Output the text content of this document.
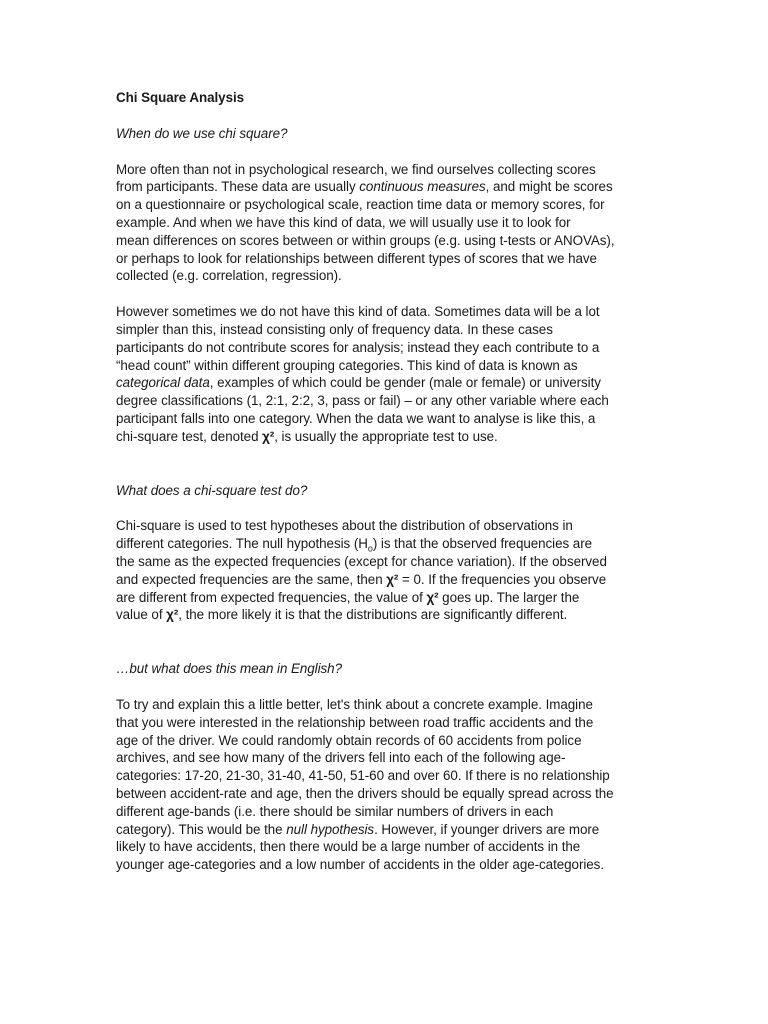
Chi Square Analysis
When do we use chi square?
More often than not in psychological research, we find ourselves collecting scores
from participants. These data are usually continuous measures, and might be scores
on a questionnaire or psychological scale, reaction time data or memory scores, for
example. And when we have this kind of data, we will usually use it to look for
mean differences on scores between or within groups (e.g. using t-tests or ANOVAs),
or perhaps to look for relationships between different types of scores that we have
collected (e.g. correlation, regression).
However sometimes we do not have this kind of data. Sometimes data will be a lot
simpler than this, instead consisting only of frequency data. In these cases
participants do not contribute scores for analysis; instead they each contribute to a
“head count” within different grouping categories. This kind of data is known as
categorical data, examples of which could be gender (male or female) or university
degree classifications (1, 2:1, 2:2, 3, pass or fail) – or any other variable where each
participant falls into one category. When the data we want to analyse is like this, a
chi-square test, denoted χ², is usually the appropriate test to use.
What does a chi-square test do?
Chi-square is used to test hypotheses about the distribution of observations in
different categories. The null hypothesis $(H_o)$ is that the observed frequencies are
the same as the expected frequencies (except for chance variation). If the observed
and expected frequencies are the same, then χ² = 0. If the frequencies you observe
are different from expected frequencies, the value of χ² goes up. The larger the
value of χ², the more likely it is that the distributions are significantly different.
…but what does this mean in English?
To try and explain this a little better, let's think about a concrete example. Imagine
that you were interested in the relationship between road traffic accidents and the
age of the driver. We could randomly obtain records of 60 accidents from police
archives, and see how many of the drivers fell into each of the following age-
categories: 17-20, 21-30, 31-40, 41-50, 51-60 and over 60. If there is no relationship
between accident-rate and age, then the drivers should be equally spread across the
different age-bands (i.e. there should be similar numbers of drivers in each
category). This would be the null hypothesis. However, if younger drivers are more
likely to have accidents, then there would be a large number of accidents in the
younger age-categories and a low number of accidents in the older age-categories.
